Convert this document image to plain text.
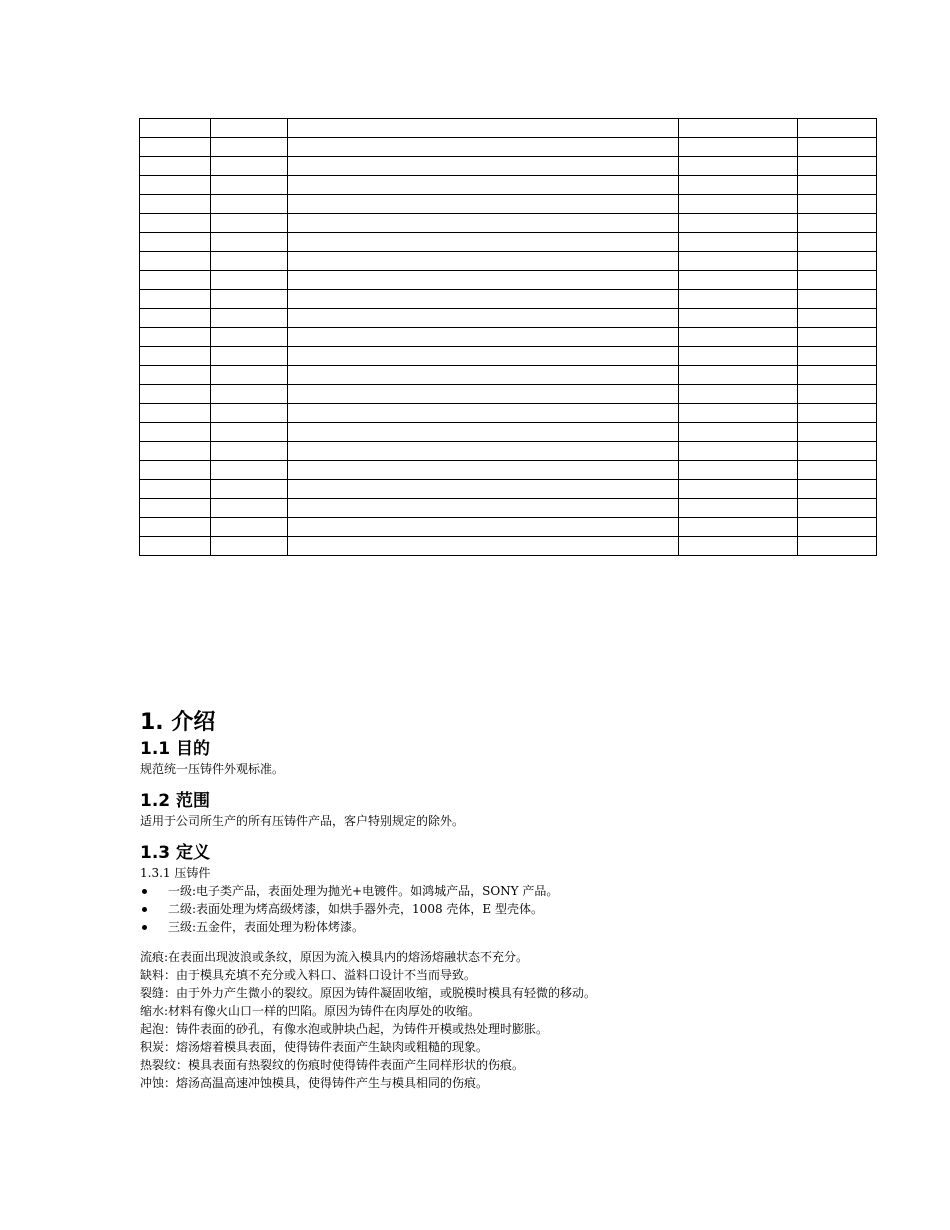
1. 介绍
1.1 目的

规范统一压铸件外观标准。

1.2 范围

适用于公司所生产的所有压铸件产品，客户特别规定的除外。

1.3 定义

1.3.1 压铸件

一级:电子类产品，表面处理为抛光+电镀件。如鸿城产品，SONY 产品。
二级:表面处理为烤高级烤漆，如烘手器外壳，1008 壳体，E 型壳体。
三级:五金件，表面处理为粉体烤漆。

流痕:在表面出现波浪或条纹，原因为流入模具内的熔汤熔融状态不充分。

缺料：由于模具充填不充分或入料口、溢料口设计不当而导致。

裂缝：由于外力产生微小的裂纹。原因为铸件凝固收缩，或脱模时模具有轻微的移动。

缩水:材料有像火山口一样的凹陷。原因为铸件在肉厚处的收缩。

起泡：铸件表面的砂孔，有像水泡或肿块凸起，为铸件开模或热处理时膨胀。

积炭：熔汤熔着模具表面，使得铸件表面产生缺肉或粗糙的现象。

热裂纹：模具表面有热裂纹的伤痕时使得铸件表面产生同样形状的伤痕。

冲蚀：熔汤高温高速冲蚀模具，使得铸件产生与模具相同的伤痕。
